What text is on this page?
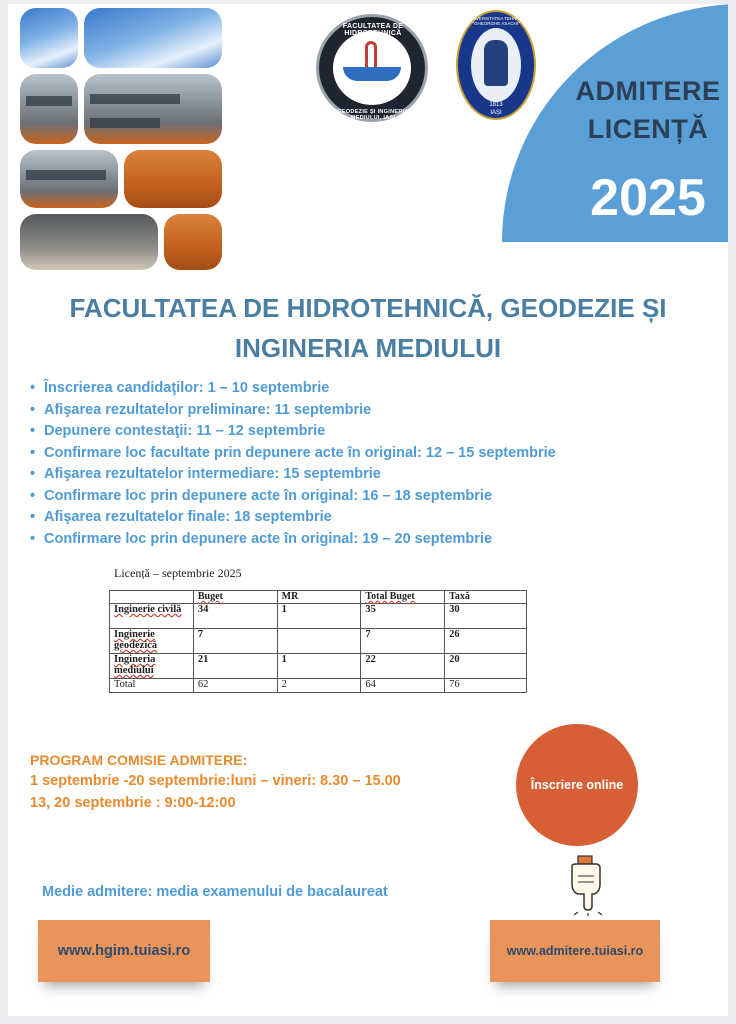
FACULTATEA DE HIDROTEHNICĂ
1815 1962
1990
GEODEZIE ȘI INGINERIA MEDIULUI, IAȘI
UNIVERSITATEA TEHNICĂ "GHEORGHE ASACHI"
1813
IAȘI
ADMITERE
LICENȚĂ
2025
FACULTATEA DE HIDROTEHNICĂ, GEODEZIE ȘI
INGINERIA MEDIULUI
• Înscrierea candidaţilor: 1 – 10 septembrie
• Afişarea rezultatelor preliminare: 11 septembrie
• Depunere contestaţii: 11 – 12 septembrie
• Confirmare loc facultate prin depunere acte în original: 12 – 15 septembrie
• Afişarea rezultatelor intermediare: 15 septembrie
• Confirmare loc prin depunere acte în original: 16 – 18 septembrie
• Afişarea rezultatelor finale: 18 septembrie
• Confirmare loc prin depunere acte în original: 19 – 20 septembrie
Licență – septembrie 2025
	Buget	MR	Total Buget	Taxă
Inginerie civilă	34	1	35	30
Inginerie geodezică	7		7	26
Ingineria mediului	21	1	22	20
Total	62	2	64	76
PROGRAM COMISIE ADMITERE:
1 septembrie -20 septembrie:luni – vineri: 8.30 – 15.00
13, 20 septembrie : 9:00-12:00
Înscriere online
Medie admitere: media examenului de bacalaureat
www.hgim.tuiasi.ro	www.admitere.tuiasi.ro
